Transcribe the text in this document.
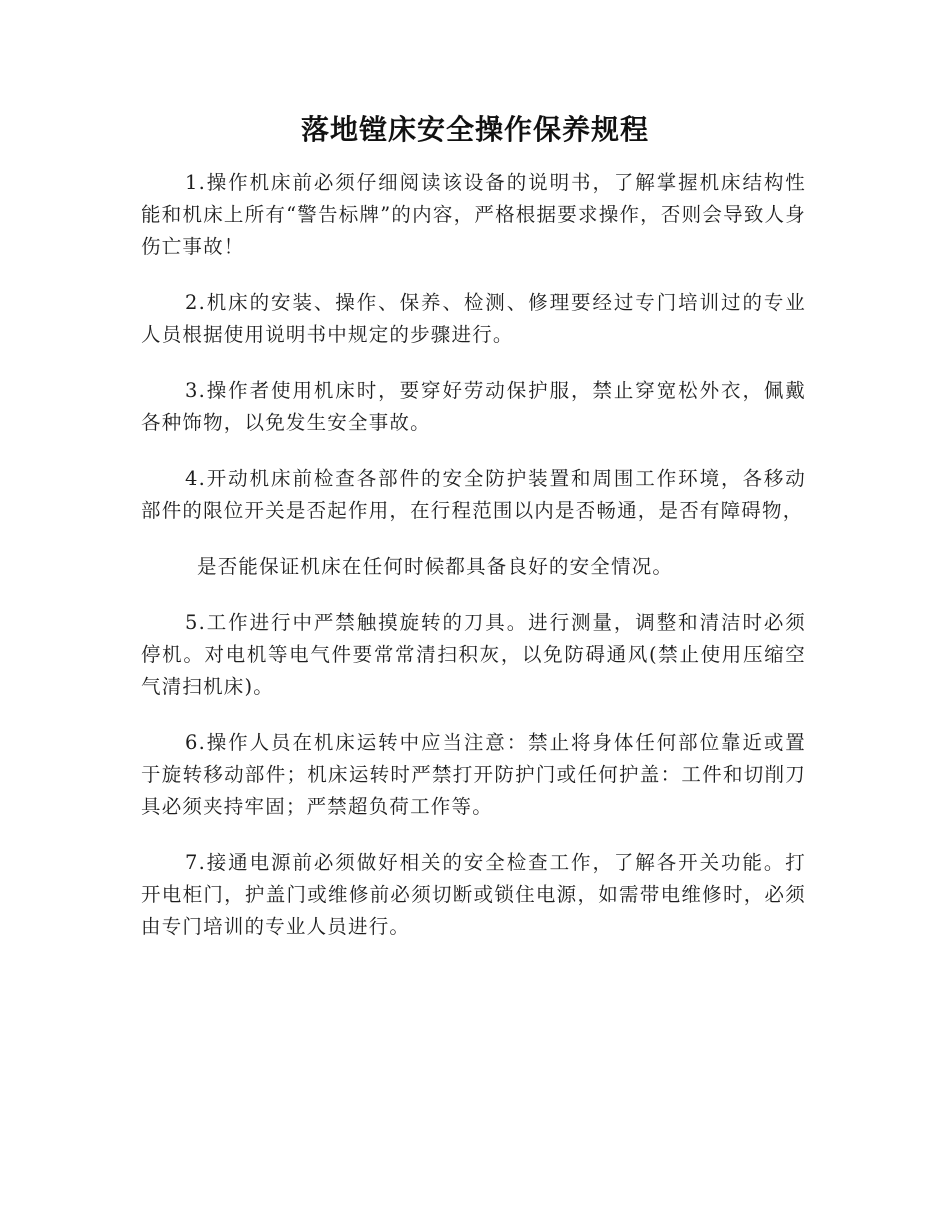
落地镗床安全操作保养规程

1.操作机床前必须仔细阅读该设备的说明书，了解掌握机床结构性能和机床上所有“警告标牌”的内容，严格根据要求操作，否则会导致人身伤亡事故！

2.机床的安装、操作、保养、检测、修理要经过专门培训过的专业人员根据使用说明书中规定的步骤进行。

3.操作者使用机床时，要穿好劳动保护服，禁止穿宽松外衣，佩戴各种饰物，以免发生安全事故。

4.开动机床前检查各部件的安全防护装置和周围工作环境，各移动部件的限位开关是否起作用，在行程范围以内是否畅通，是否有障碍物，

是否能保证机床在任何时候都具备良好的安全情况。

5.工作进行中严禁触摸旋转的刀具。进行测量，调整和清洁时必须停机。对电机等电气件要常常清扫积灰，以免防碍通风(禁止使用压缩空气清扫机床)。

6.操作人员在机床运转中应当注意：禁止将身体任何部位靠近或置于旋转移动部件；机床运转时严禁打开防护门或任何护盖：工件和切削刀具必须夹持牢固；严禁超负荷工作等。

7.接通电源前必须做好相关的安全检查工作，了解各开关功能。打开电柜门，护盖门或维修前必须切断或锁住电源，如需带电维修时，必须由专门培训的专业人员进行。
